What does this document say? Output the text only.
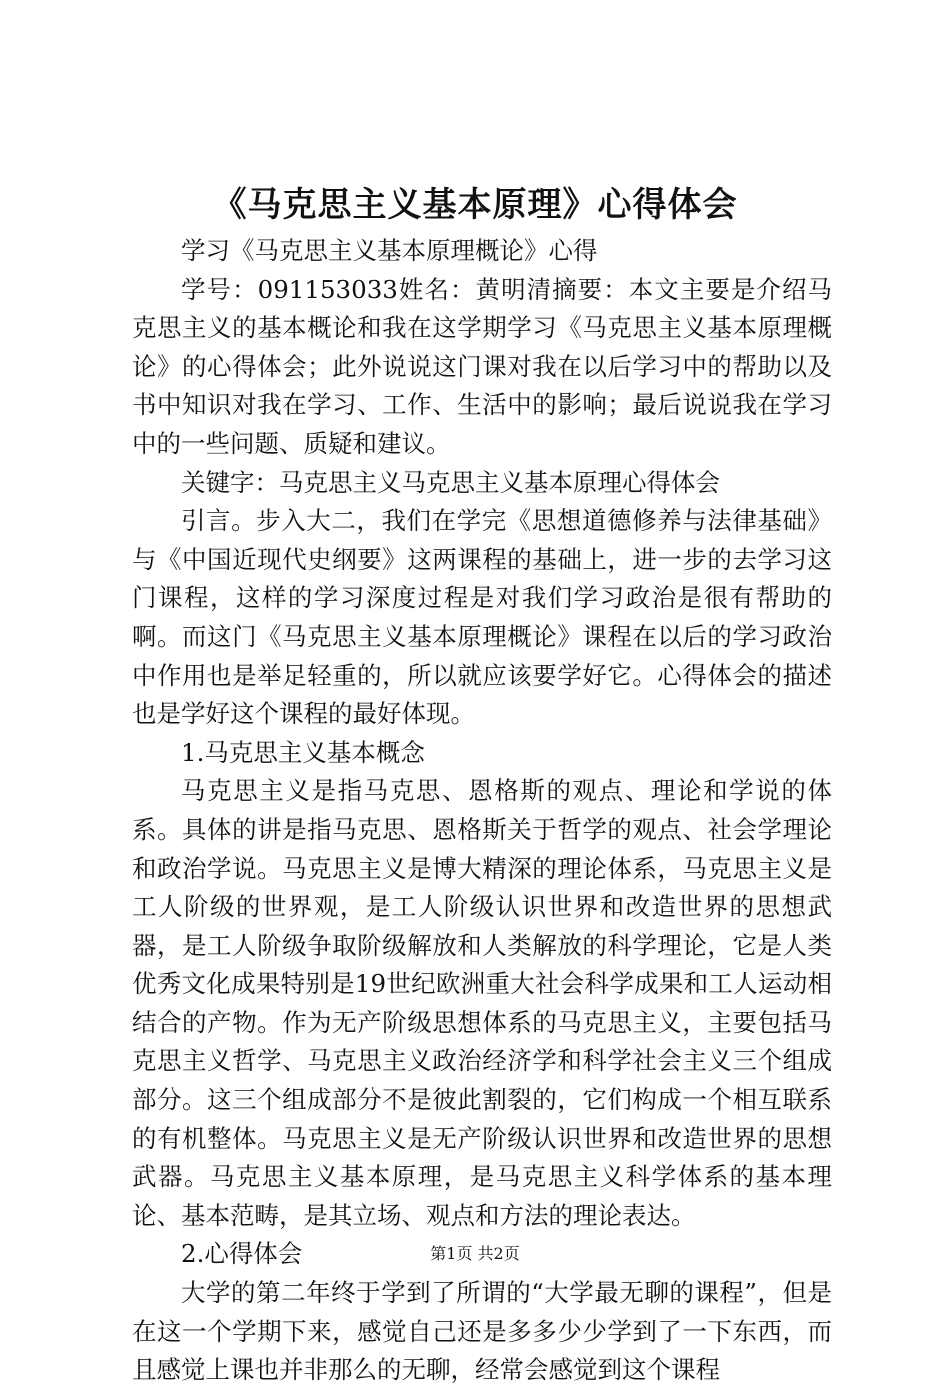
《马克思主义基本原理》心得体会

学习《马克思主义基本原理概论》心得

学号：091153033姓名：黄明清摘要：本文主要是介绍马克思主义的基本概论和我在这学期学习《马克思主义基本原理概论》的心得体会；此外说说这门课对我在以后学习中的帮助以及书中知识对我在学习、工作、生活中的影响；最后说说我在学习中的一些问题、质疑和建议。

关键字：马克思主义马克思主义基本原理心得体会

引言。步入大二，我们在学完《思想道德修养与法律基础》与《中国近现代史纲要》这两课程的基础上，进一步的去学习这门课程，这样的学习深度过程是对我们学习政治是很有帮助的啊。而这门《马克思主义基本原理概论》课程在以后的学习政治中作用也是举足轻重的，所以就应该要学好它。心得体会的描述也是学好这个课程的最好体现。

1.马克思主义基本概念

马克思主义是指马克思、恩格斯的观点、理论和学说的体系。具体的讲是指马克思、恩格斯关于哲学的观点、社会学理论和政治学说。马克思主义是博大精深的理论体系，马克思主义是工人阶级的世界观，是工人阶级认识世界和改造世界的思想武器，是工人阶级争取阶级解放和人类解放的科学理论，它是人类优秀文化成果特别是19世纪欧洲重大社会科学成果和工人运动相结合的产物。作为无产阶级思想体系的马克思主义，主要包括马克思主义哲学、马克思主义政治经济学和科学社会主义三个组成部分。这三个组成部分不是彼此割裂的，它们构成一个相互联系的有机整体。马克思主义是无产阶级认识世界和改造世界的思想武器。马克思主义基本原理，是马克思主义科学体系的基本理论、基本范畴，是其立场、观点和方法的理论表达。

2.心得体会

大学的第二年终于学到了所谓的“大学最无聊的课程”，但是在这一个学期下来，感觉自己还是多多少少学到了一下东西，而且感觉上课也并非那么的无聊，经常会感觉到这个课程

第1页 共2页
